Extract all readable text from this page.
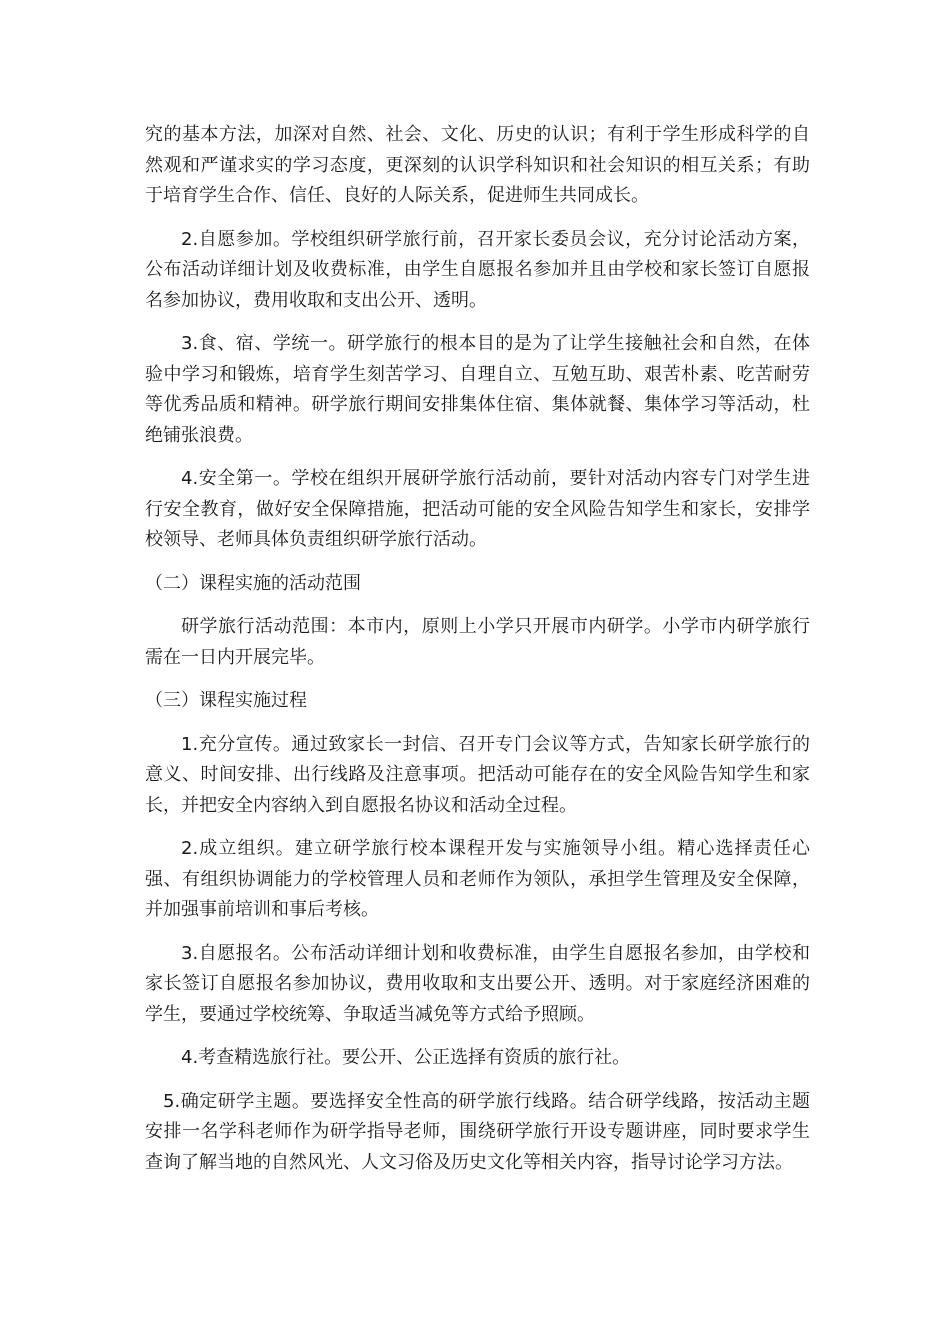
究的基本方法，加深对自然、社会、文化、历史的认识；有利于学生形成科学的自然观和严谨求实的学习态度，更深刻的认识学科知识和社会知识的相互关系；有助于培育学生合作、信任、良好的人际关系，促进师生共同成长。

2.自愿参加。学校组织研学旅行前，召开家长委员会议，充分讨论活动方案，公布活动详细计划及收费标准，由学生自愿报名参加并且由学校和家长签订自愿报名参加协议，费用收取和支出公开、透明。

3.食、宿、学统一。研学旅行的根本目的是为了让学生接触社会和自然，在体验中学习和锻炼，培育学生刻苦学习、自理自立、互勉互助、艰苦朴素、吃苦耐劳等优秀品质和精神。研学旅行期间安排集体住宿、集体就餐、集体学习等活动，杜绝铺张浪费。

4.安全第一。学校在组织开展研学旅行活动前，要针对活动内容专门对学生进行安全教育，做好安全保障措施，把活动可能的安全风险告知学生和家长，安排学校领导、老师具体负责组织研学旅行活动。

（二）课程实施的活动范围

研学旅行活动范围：本市内，原则上小学只开展市内研学。小学市内研学旅行需在一日内开展完毕。

（三）课程实施过程

1.充分宣传。通过致家长一封信、召开专门会议等方式，告知家长研学旅行的意义、时间安排、出行线路及注意事项。把活动可能存在的安全风险告知学生和家长，并把安全内容纳入到自愿报名协议和活动全过程。

2.成立组织。建立研学旅行校本课程开发与实施领导小组。精心选择责任心强、有组织协调能力的学校管理人员和老师作为领队，承担学生管理及安全保障，并加强事前培训和事后考核。

3.自愿报名。公布活动详细计划和收费标准，由学生自愿报名参加，由学校和家长签订自愿报名参加协议，费用收取和支出要公开、透明。对于家庭经济困难的学生，要通过学校统筹、争取适当减免等方式给予照顾。

4.考查精选旅行社。要公开、公正选择有资质的旅行社。

5.确定研学主题。要选择安全性高的研学旅行线路。结合研学线路，按活动主题安排一名学科老师作为研学指导老师，围绕研学旅行开设专题讲座，同时要求学生查询了解当地的自然风光、人文习俗及历史文化等相关内容，指导讨论学习方法。
